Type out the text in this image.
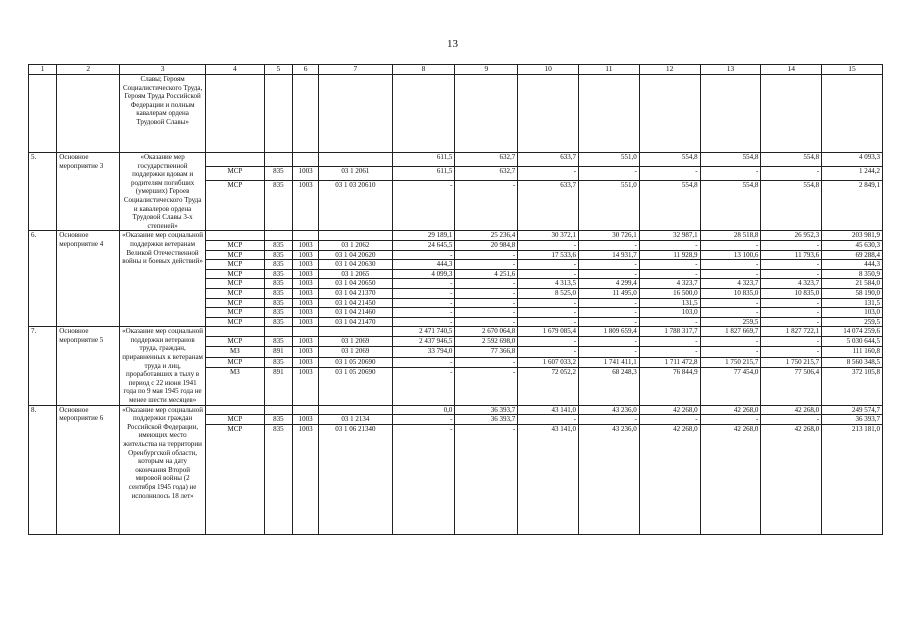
13
1	2	3	4	5	6	7	8	9	10	11	12	13	14	15
		Славы; Героям Социалистического Труда, Героям Труда Российской Федерации и полным кавалерам ордена Трудовой Славы»												
5.	Основное мероприятие 3	«Оказание мер государственной поддержки вдовам и родителям погибших (умерших) Героев Социалистического Труда и кавалеров ордена Трудовой Славы 3-х степеней»					611,5	632,7	633,7	551,0	554,8	554,8	554,8	4 093,3
			МСР	835	1003	03 1 2061	611,5	632,7	-	-	-	-	-	1 244,2
			МСР	835	1003	03 1 03 20610	-	-	633,7	551,0	554,8	554,8	554,8	2 849,1
6.	Основное мероприятие 4	«Оказание мер социальной поддержки ветеранам Великой Отечественной войны и боевых действий»					29 189,1	25 236,4	30 372,1	30 726,1	32 987,1	28 518,8	26 952,3	203 981,9
			МСР	835	1003	03 1 2062	24 645,5	20 984,8	-	-	-	-	-	45 630,3
			МСР	835	1003	03 1 04 20620	-	-	17 533,6	14 931,7	11 928,9	13 100,6	11 793,6	69 288,4
			МСР	835	1003	03 1 04 20630	444,3	-	-	-	-	-	-	444,3
			МСР	835	1003	03 1 2065	4 099,3	4 251,6	-	-	-	-	-	8 350,9
			МСР	835	1003	03 1 04 20650	-	-	4 313,5	4 299,4	4 323,7	4 323,7	4 323,7	21 584,0
			МСР	835	1003	03 1 04 21370	-	-	8 525,0	11 495,0	16 500,0	10 835,0	10 835,0	58 190,0
			МСР	835	1003	03 1 04 21450	-	-	-	-	131,5	-	-	131,5
			МСР	835	1003	03 1 04 21460	-	-	-	-	103,0	-	-	103,0
			МСР	835	1003	03 1 04 21470	-	-	-	-	-	259,5	-	259,5
7.	Основное мероприятие 5	«Оказание мер социальной поддержки ветеранов труда, граждан, приравненных к ветеранам труда и лиц, проработавших в тылу в период с 22 июня 1941 года по 9 мая 1945 года не менее шести месяцев»					2 471 740,5	2 670 064,8	1 679 085,4	1 809 659,4	1 788 317,7	1 827 669,7	1 827 722,1	14 074 259,6
			МСР	835	1003	03 1 2069	2 437 946,5	2 592 698,0	-	-	-	-	-	5 030 644,5
			МЗ	891	1003	03 1 2069	33 794,0	77 366,8	-	-	-	-	-	111 160,8
			МСР	835	1003	03 1 05 20690	-	-	1 607 033,2	1 741 411,1	1 711 472,8	1 750 215,7	1 750 215,7	8 560 348,5
			МЗ	891	1003	03 1 05 20690	-	-	72 052,2	68 248,3	76 844,9	77 454,0	77 506,4	372 105,8
8.	Основное мероприятие 6	«Оказание мер социальной поддержки граждан Российской Федерации, имеющих место жительства на территории Оренбургской области, которым на дату окончания Второй мировой войны (2 сентября 1945 года) не исполнилось 18 лет»					0,0	36 393,7	43 141,0	43 236,0	42 268,0	42 268,0	42 268,0	249 574,7
			МСР	835	1003	03 1 2134	-	36 393,7	-	-	-	-	-	36 393,7
			МСР	835	1003	03 1 06 21340	-	-	43 141,0	43 236,0	42 268,0	42 268,0	42 268,0	213 181,0
